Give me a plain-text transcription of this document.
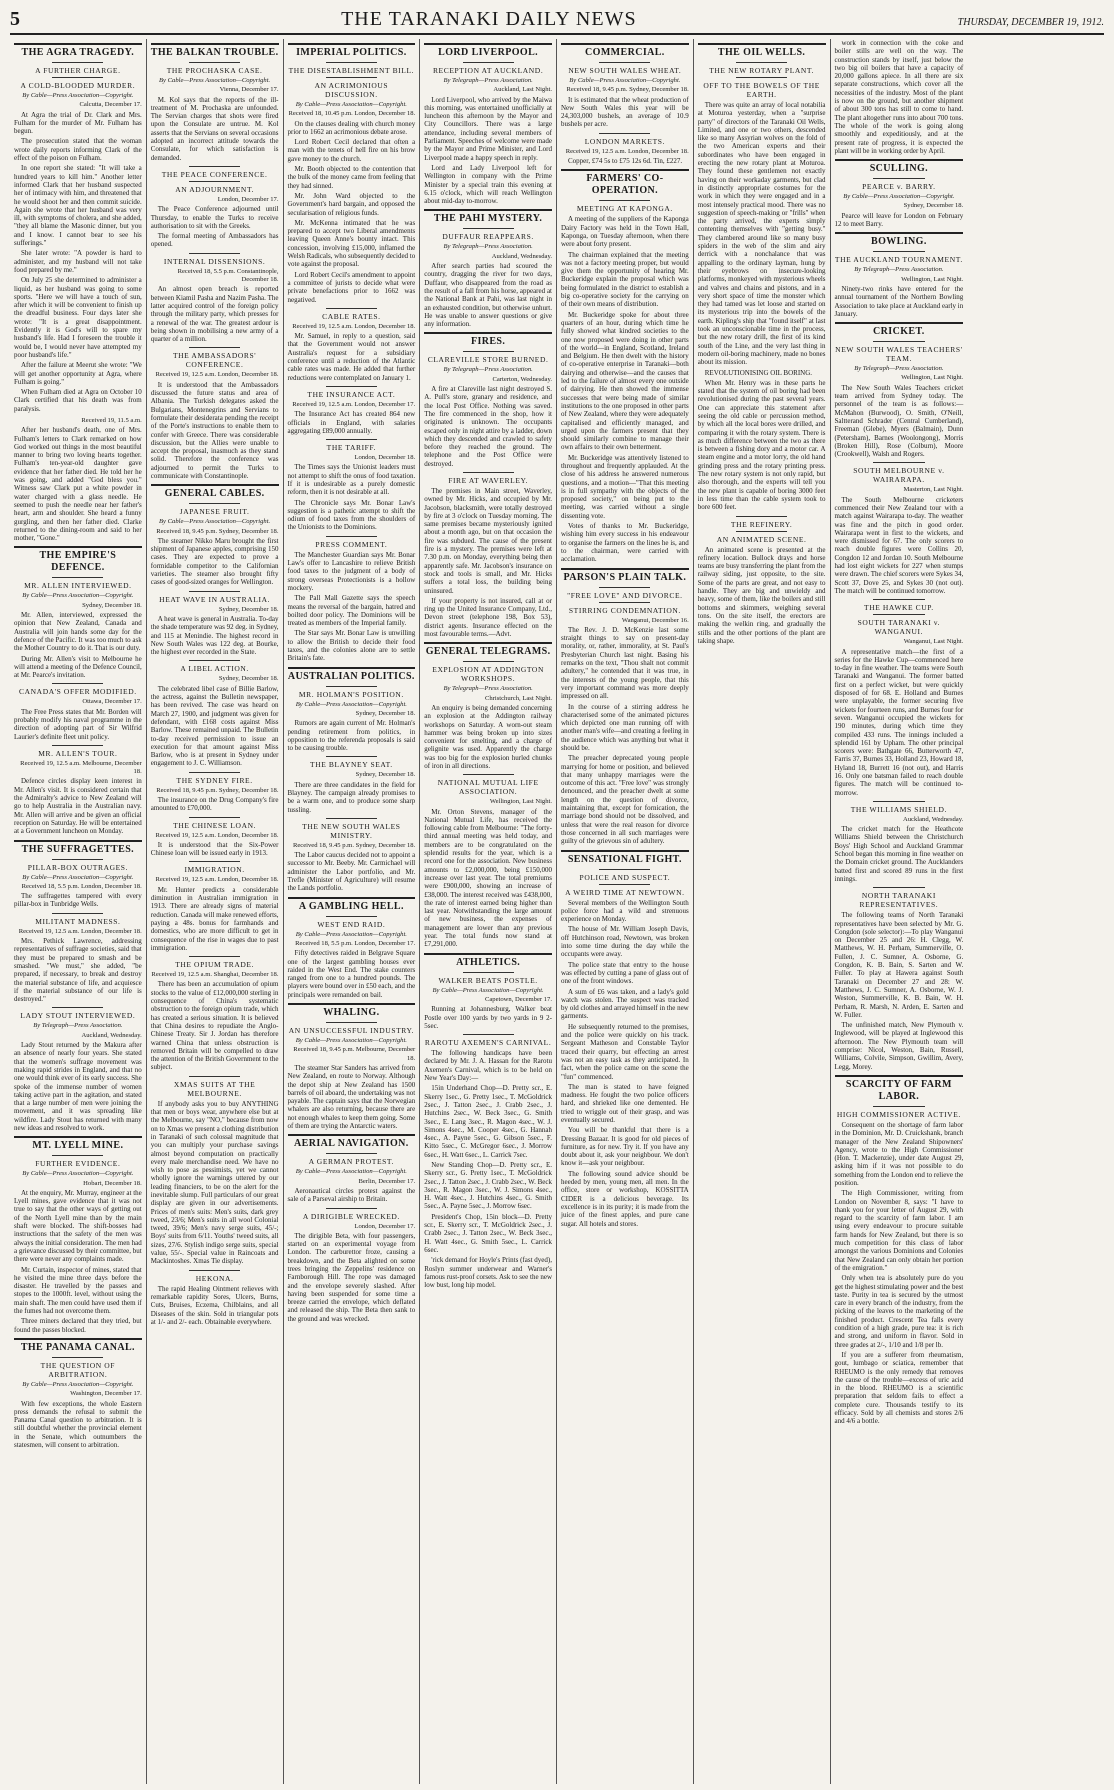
5	THE TARANAKI DAILY NEWS	THURSDAY, DECEMBER 19, 1912.
THE AGRA TRAGEDY.
A FURTHER CHARGE.
A COLD-BLOODED MURDER.
By Cable—Press Association—Copyright.
Calcutta, December 17.

At Agra the trial of Dr. Clark and Mrs. Fulham for the murder of Mr. Fulham has begun.

The prosecution stated that the woman wrote daily reports informing Clark of the effect of the poison on Fulham.

In one report she stated: "It will take a hundred years to kill him." Another letter informed Clark that her husband suspected her of intimacy with him, and threatened that he would shoot her and then commit suicide. Again she wrote that her husband was very ill, with symptoms of cholera, and she added, "they all blame the Masonic dinner, but you and I know. I cannot bear to see his sufferings."

She later wrote: "A powder is hard to administer, and my husband will not take food prepared by me."

On July 25 she determined to administer a liquid, as her husband was going to some sports. "Here we will have a touch of sun, after which it will be convenient to finish up the dreadful business. Four days later she wrote: "It is a great disappointment. Evidently it is God's will to spare my husband's life. Had I foreseen the trouble it would be, I would never have attempted my poor husband's life."

After the failure at Meerut she wrote: "We will get another opportunity at Agra, where Fulham is going."

When Fulham died at Agra on October 10 Clark certified that his death was from paralysis.

Received 19, 11.5 a.m.

After her husband's death, one of Mrs. Fulham's letters to Clark remarked on how God worked out things in the most beautiful manner to bring two loving hearts together. Fulham's ten-year-old daughter gave evidence that her father died. He told her he was going, and added "God bless you." Witness saw Clark put a white powder in water charged with a glass needle. He seemed to push the needle near her father's heart, arm and shoulder. She heard a funny gurgling, and then her father died. Clarke returned to the dining-room and said to her mother, "Gone."

THE EMPIRE'S DEFENCE.
MR. ALLEN INTERVIEWED.
By Cable—Press Association—Copyright.
Sydney, December 18.

Mr. Allen, interviewed, expressed the opinion that New Zealand, Canada and Australia will join hands some day for the defence of the Pacific. It was too much to ask the Mother Country to do it. That is our duty.

During Mr. Allen's visit to Melbourne he will attend a meeting of the Defence Council, at Mr. Pearce's invitation.

CANADA'S OFFER MODIFIED.
Ottawa, December 17.

The Free Press states that Mr. Borden will probably modify his naval programme in the direction of adopting part of Sir Wilfrid Laurier's definite fleet unit policy.

MR. ALLEN'S TOUR.
Received 19, 12.5 a.m. Melbourne, December 18.

Defence circles display keen interest in Mr. Allen's visit. It is considered certain that the Admiralty's advice to New Zealand will go to help Australia in the Australian navy. Mr. Allen will arrive and be given an official reception on Saturday. He will be entertained at a Government luncheon on Monday.

THE SUFFRAGETTES.
PILLAR-BOX OUTRAGES.
By Cable—Press Association—Copyright.
Received 18, 5.5 p.m. London, December 18.

The suffragettes tampered with every pillar-box in Tunbridge Wells.

MILITANT MADNESS.
Received 19, 12.5 a.m. London, December 18.

Mrs. Pethick Lawrence, addressing representatives of suffrage societies, said that they must be prepared to smash and be smashed. "We must," she added, "be prepared, if necessary, to break and destroy the material substance of life, and acquiesce if the material substance of our life is destroyed."

LADY STOUT INTERVIEWED.
By Telegraph—Press Association.
Auckland, Wednesday.

Lady Stout returned by the Makura after an absence of nearly four years. She stated that the women's suffrage movement was making rapid strides in England, and that no one would think ever of its early success. She spoke of the immense number of women taking active part in the agitation, and stated that a large number of men were joining the movement, and it was spreading like wildfire. Lady Stout has returned with many new ideas and resolved to work.

MT. LYELL MINE.
FURTHER EVIDENCE.
By Cable—Press Association—Copyright.
Hobart, December 18.

At the enquiry, Mr. Murray, engineer at the Lyell mines, gave evidence that it was not true to say that the other ways of getting out of the North Lyell mine than by the main shaft were blocked. The shift-bosses had instructions that the safety of the men was always the initial consideration. The men had a grievance discussed by their committee, but there were never any complaints made.

Mr. Curtain, inspector of mines, stated that he visited the mine three days before the disaster. He travelled by the passes and stopes to the 1000ft. level, without using the main shaft. The men could have used them if the fumes had not overcome them.

Three miners declared that they tried, but found the passes blocked.

THE PANAMA CANAL.
THE QUESTION OF ARBITRATION.
By Cable—Press Association—Copyright.
Washington, December 17.

With few exceptions, the whole Eastern press demands the refusal to submit the Panama Canal question to arbitration. It is still doubtful whether the provincial element in the Senate, which outnumbers the statesmen, will consent to arbitration.

THE BALKAN TROUBLE.
THE PROCHASKA CASE.
By Cable—Press Association—Copyright.
Vienna, December 17.

M. Kol says that the reports of the ill-treatment of M. Prochaska are unfounded. The Servian charges that shots were fired upon the Consulate are untrue. M. Kol asserts that the Servians on several occasions adopted an incorrect attitude towards the Consulate, for which satisfaction is demanded.

THE PEACE CONFERENCE.
AN ADJOURNMENT.
London, December 17.

The Peace Conference adjourned until Thursday, to enable the Turks to receive authorisation to sit with the Greeks.

The formal meeting of Ambassadors has opened.

INTERNAL DISSENSIONS.
Received 18, 5.5 p.m. Constantinople, December 18.

An almost open breach is reported between Kiamil Pasha and Nazim Pasha. The latter acquired control of the foreign policy through the military party, which presses for a renewal of the war. The greatest ardour is being shown in mobilising a new army of a quarter of a million.

THE AMBASSADORS' CONFERENCE.
Received 19, 12.5 a.m. London, December 18.

It is understood that the Ambassadors discussed the future status and area of Albania. The Turkish delegates asked the Bulgarians, Montenegrins and Servians to formulate their desiderata pending the receipt of the Porte's instructions to enable them to confer with Greece. There was considerable discussion, but the Allies were unable to accept the proposal, inasmuch as they stand solid. Therefore the conference was adjourned to permit the Turks to communicate with Constantinople.

GENERAL CABLES.
JAPANESE FRUIT.
By Cable—Press Association—Copyright.
Received 18, 9.45 p.m. Sydney, December 18.

The steamer Nikko Maru brought the first shipment of Japanese apples, comprising 150 cases. They are expected to prove a formidable competitor to the Californian varieties. The steamer also brought fifty cases of good-sized oranges for Wellington.

HEAT WAVE IN AUSTRALIA.
Sydney, December 18.

A heat wave is general in Australia. To-day the shade temperature was 92 deg. in Sydney, and 115 at Menindie. The highest record in New South Wales was 122 deg. at Bourke, the highest ever recorded in the State.

A LIBEL ACTION.
Sydney, December 18.

The celebrated libel case of Billie Barlow, the actress, against the Bulletin newspaper, has been revived. The case was heard on March 27, 1900, and judgment was given for defendant, with £168 costs against Miss Barlow. These remained unpaid. The Bulletin to-day received permission to issue an execution for that amount against Miss Barlow, who is at present in Sydney under engagement to J. C. Williamson.

THE SYDNEY FIRE.
Received 18, 9.45 p.m. Sydney, December 18.

The insurance on the Drug Company's fire amounted to £70,000.

THE CHINESE LOAN.
Received 19, 12.5 a.m. London, December 18.

It is understood that the Six-Power Chinese loan will be issued early in 1913.

IMMIGRATION.
Received 19, 12.5 a.m. London, December 18.

Mr. Hunter predicts a considerable diminution in Australian immigration in 1913. There are already signs of material reduction. Canada will make renewed efforts, paying a 48s. bonus for farmhands and domestics, who are more difficult to get in consequence of the rise in wages due to past immigration.

THE OPIUM TRADE.
Received 19, 12.5 a.m. Shanghai, December 18.

There has been an accumulation of opium stocks to the value of £12,000,000 sterling in consequence of China's systematic obstruction to the foreign opium trade, which has created a serious situation. It is believed that China desires to repudiate the Anglo-Chinese Treaty. Sir J. Jordan has therefore warned China that unless obstruction is removed Britain will be compelled to draw the attention of the British Government to the subject.

XMAS SUITS AT THE MELBOURNE.

If anybody asks you to buy ANYTHING that men or boys wear, anywhere else but at the Melbourne, say "NO," because from now on to Xmas we present a clothing distribution in Taranaki of such colossal magnitude that you can multiply your purchase savings almost beyond computation on practically every male merchandise need. We have no wish to pose as pessimists, yet we cannot wholly ignore the warnings uttered by our leading financiers, to be on the alert for the inevitable slump. Full particulars of our great display are given in our advertisements. Prices of men's suits: Men's suits, dark grey tweed, 23/6; Men's suits in all wool Colonial tweed, 39/6; Men's navy serge suits, 45/-; Boys' suits from 6/11. Youths' tweed suits, all sizes, 27/6. Stylish indigo serge suits, special value, 55/-. Special value in Raincoats and Mackintoshes. Xmas Tie display.

HEKONA.

The rapid Healing Ointment relieves with remarkable rapidity Sores, Ulcers, Burns, Cuts, Bruises, Eczema, Chilblains, and all Diseases of the skin. Sold in triangular pots at 1/- and 2/- each. Obtainable everywhere.

IMPERIAL POLITICS.
THE DISESTABLISHMENT BILL.
AN ACRIMONIOUS DISCUSSION.
By Cable—Press Association—Copyright.
Received 18, 10.45 p.m. London, December 18.

On the clauses dealing with church money prior to 1662 an acrimonious debate arose.

Lord Robert Cecil declared that often a man with the tenets of hell fire on his brow gave money to the church.

Mr. Booth objected to the contention that the bulk of the money came from feeling that they had sinned.

Mr. John Ward objected to the Government's hard bargain, and opposed the secularisation of religious funds.

Mr. McKenna intimated that he was prepared to accept two Liberal amendments leaving Queen Anne's bounty intact. This concession, involving £15,000, inflamed the Welsh Radicals, who subsequently decided to vote against the proposal.

Lord Robert Cecil's amendment to appoint a committee of jurists to decide what were private benefactions prior to 1662 was negatived.

CABLE RATES.
Received 19, 12.5 a.m. London, December 18.

Mr. Samuel, in reply to a question, said that the Government would not answer Australia's request for a subsidiary conference until a reduction of the Atlantic cable rates was made. He added that further reductions were contemplated on January 1.

THE INSURANCE ACT.
Received 19, 12.5 a.m. London, December 17.

The Insurance Act has created 864 new officials in England, with salaries aggregating £89,000 annually.

THE TARIFF.
London, December 18.

The Times says the Unionist leaders must not attempt to shift the onus of food taxation. If it is undesirable as a purely domestic reform, then it is not desirable at all.

The Chronicle says Mr. Bonar Law's suggestion is a pathetic attempt to shift the odium of food taxes from the shoulders of the Unionists to the Dominions.

PRESS COMMENT.

The Manchester Guardian says Mr. Bonar Law's offer to Lancashire to relieve British food taxes to the judgment of a body of strong overseas Protectionists is a hollow mockery.

The Pall Mall Gazette says the speech means the reversal of the bargain, hatred and boilted door policy. The Dominions will be treated as members of the Imperial family.

The Star says Mr. Bonar Law is unwilling to allow the British to decide their food taxes, and the colonies alone are to settle Britain's fate.

AUSTRALIAN POLITICS.
MR. HOLMAN'S POSITION.
By Cable—Press Association—Copyright.
Sydney, December 18.

Rumors are again current of Mr. Holman's pending retirement from politics, in opposition to the referenda proposals is said to be causing trouble.

THE BLAYNEY SEAT.
Sydney, December 18.

There are three candidates in the field for Blayney. The campaign already promises to be a warm one, and to produce some sharp tussling.

THE NEW SOUTH WALES MINISTRY.
Received 18, 9.45 p.m. Sydney, December 18.

The Labor caucus decided not to appoint a successor to Mr. Beeby. Mr. Carmichael will administer the Labor portfolio, and Mr. Trefle (Minister of Agriculture) will resume the Lands portfolio.

A GAMBLING HELL.
WEST END RAID.
By Cable—Press Association—Copyright.
Received 18, 5.5 p.m. London, December 17.

Fifty detectives raided in Belgrave Square one of the largest gambling houses ever raided in the West End. The stake counters ranged from one to a hundred pounds. The players were bound over in £50 each, and the principals were remanded on bail.

WHALING.
AN UNSUCCESSFUL INDUSTRY.
By Cable—Press Association—Copyright.
Received 18, 9.45 p.m. Melbourne, December 18.

The steamer Star Sanders has arrived from New Zealand, en route to Norway. Although the depot ship at New Zealand has 1500 barrels of oil aboard, the undertaking was not payable. The captain says that the Norwegian whalers are also returning, because there are not enough whales to keep them going. Some of them are trying the Antarctic waters.

AERIAL NAVIGATION.
A GERMAN PROTEST.
By Cable—Press Association—Copyright.
Berlin, December 17.

Aeronautical circles protest against the sale of a Parseval airship to Britain.

A DIRIGIBLE WRECKED.
London, December 17.

The dirigible Beta, with four passengers, started on an experimental voyage from London. The carburettor froze, causing a breakdown, and the Beta alighted on some trees bringing the Zeppelins' residence on Farnborough Hill. The rope was damaged and the envelope severely slashed. After having been suspended for some time a breeze carried the envelope, which deflated and released the ship. The Beta then sank to the ground and was wrecked.

LORD LIVERPOOL.
RECEPTION AT AUCKLAND.
By Telegraph—Press Association.
Auckland, Last Night.

Lord Liverpool, who arrived by the Maiwa this morning, was entertained unofficially at luncheon this afternoon by the Mayor and City Councillors. There was a large attendance, including several members of Parliament. Speeches of welcome were made by the Mayor and Prime Minister, and Lord Liverpool made a happy speech in reply.

Lord and Lady Liverpool left for Wellington in company with the Prime Minister by a special train this evening at 6.15 o'clock, which will reach Wellington about mid-day to-morrow.

THE PAHI MYSTERY.
DUFFAUR REAPPEARS.
By Telegraph—Press Association.
Auckland, Wednesday.

After search parties had scoured the country, dragging the river for two days, Duffaur, who disappeared from the road as the result of a fall from his horse, appeared at the National Bank at Pahi, was last night in an exhausted condition, but otherwise unhurt. He was unable to answer questions or give any information.

FIRES.
CLAREVILLE STORE BURNED.
By Telegraph—Press Association.
Carterton, Wednesday.

A fire at Clareville last night destroyed S. A. Pull's store, granary and residence, and the local Post Office. Nothing was saved. The fire commenced in the shop, how it originated is unknown. The occupants escaped only in night attire by a ladder, down which they descended and crawled to safety before they reached the ground. The telephone and the Post Office were destroyed.

FIRE AT WAVERLEY.

The premises in Main street, Waverley, owned by Mr. Hicks, and occupied by Mr. Jacobson, blacksmith, were totally destroyed by fire at 3 o'clock on Tuesday morning. The same premises became mysteriously ignited about a month ago, but on that occasion the fire was subdued. The cause of the present fire is a mystery. The premises were left at 7.30 p.m. on Monday, everything being then apparently safe. Mr. Jacobson's insurance on stock and tools is small, and Mr. Hicks suffers a total loss, the building being uninsured.

If your property is not insured, call at or ring up the United Insurance Company, Ltd., Devon street (telephone 198, Box 53), district agents. Insurance effected on the most favourable terms.—Advt.

GENERAL TELEGRAMS.
EXPLOSION AT ADDINGTON WORKSHOPS.
By Telegraph—Press Association.
Christchurch, Last Night.

An enquiry is being demanded concerning an explosion at the Addington railway workshops on Saturday. A worn-out steam hammer was being broken up into sizes convenient for smelting, and a charge of gelignite was used. Apparently the charge was too big for the explosion hurled chunks of iron in all directions.

NATIONAL MUTUAL LIFE ASSOCIATION.
Wellington, Last Night.

Mr. Orton Stevens, manager of the National Mutual Life, has received the following cable from Melbourne: "The forty-third annual meeting was held today, and members are to be congratulated on the splendid results for the year, which is a record one for the association. New business amounts to £2,000,000, being £150,000 increase over last year. The total premiums were £900,000, showing an increase of £38,000. The interest received was £438,000, the rate of interest earned being higher than last year. Notwithstanding the large amount of new business, the expenses of management are lower than any previous year. The total funds now stand at £7,291,000.

ATHLETICS.
WALKER BEATS POSTLE.
By Cable—Press Association—Copyright.
Capetown, December 17.

Running at Johannesburg, Walker beat Postle over 100 yards by two yards in 9 2-5sec.

RAROTU AXEMEN'S CARNIVAL.

The following handicaps have been declared by Mr. J. A. Hassan for the Rarotu Axemen's Carnival, which is to be held on New Year's Day:—

15in Underhand Chop—D. Pretty scr., E. Skerry 1sec., G. Pretty 1sec., T. McGoldrick 2sec., J. Tatton 2sec., J. Crabb 2sec., J. Hutchins 2sec., W. Beck 3sec., G. Smith 3sec., E. Lang 3sec., R. Magon 4sec., W. J. Simons 4sec., M. Cooper 4sec., G. Hannah 4sec., A. Payne 5sec., G. Gibson 5sec., F. Kitto 5sec., C. McGregor 6sec., J. Morrow 6sec., H. Watt 6sec., L. Carrick 7sec.

New Standing Chop—D. Pretty scr., E. Skerry scr., G. Pretty 1sec., T. McGoldrick 2sec., J. Tatton 2sec., J. Crabb 2sec., W. Beck 3sec., R. Magon 3sec., W. J. Simons 4sec., H. Watt 4sec., J. Hutchins 4sec., G. Smith 5sec., A. Payne 5sec., J. Morrow 6sec.

President's Chop, 15in block—D. Pretty scr., E. Skerry scr., T. McGoldrick 2sec., J. Crabb 2sec., J. Tatton 2sec., W. Beck 3sec., H. Watt 4sec., G. Smith 5sec., L. Carrick 6sec.

'rick demand for Hoyle's Prints (fast dyed), Roslyn summer underwear and Warner's famous rust-proof corsets. Ask to see the new low bust, long hip model.

COMMERCIAL.
NEW SOUTH WALES WHEAT.
By Cable—Press Association—Copyright.
Received 18, 9.45 p.m. Sydney, December 18.

It is estimated that the wheat production of New South Wales this year will be 24,303,000 bushels, an average of 10.9 bushels per acre.

LONDON MARKETS.
Received 19, 12.5 a.m. London, December 18.

Copper, £74 5s to £75 12s 6d. Tin, £227.

FARMERS' CO-OPERATION.
MEETING AT KAPONGA.

A meeting of the suppliers of the Kaponga Dairy Factory was held in the Town Hall, Kaponga, on Tuesday afternoon, when there were about forty present.

The chairman explained that the meeting was not a factory meeting proper, but would give them the opportunity of hearing Mr. Buckeridge explain the proposal which was being formulated in the district to establish a big co-operative society for the carrying on of their own means of distribution.

Mr. Buckeridge spoke for about three quarters of an hour, during which time he fully showed what kindred societies to the one now proposed were doing in other parts of the world—in England, Scotland, Ireland and Belgium. He then dwelt with the history of co-operative enterprise in Taranaki—both dairying and otherwise—and the causes that led to the failure of almost every one outside of dairying. He then showed the immense successes that were being made of similar institutions to the one proposed in other parts of New Zealand, where they were adequately capitalised and efficiently managed, and urged upon the farmers present that they should similarly combine to manage their own affairs to their own betterment.

Mr. Buckeridge was attentively listened to throughout and frequently applauded. At the close of his address he answered numerous questions, and a motion—"That this meeting is in full sympathy with the objects of the proposed society," on being put to the meeting, was carried without a single dissenting vote.

Votes of thanks to Mr. Buckeridge, wishing him every success in his endeavour to organise the farmers on the lines he is, and to the chairman, were carried with acclamation.

PARSON'S PLAIN TALK.
"FREE LOVE" AND DIVORCE.
STIRRING CONDEMNATION.
Wanganui, December 16.

The Rev. J. D. McKenzie last some straight things to say on present-day morality, or, rather, immorality, at St. Paul's Presbyterian Church last night. Basing his remarks on the text, "Thou shalt not commit adultery," he contended that it was true, in the interests of the young people, that this very important command was more deeply impressed on all.

In the course of a stirring address he characterised some of the animated pictures which depicted one man running off with another man's wife—and creating a feeling in the audience which was anything but what it should be.

The preacher deprecated young people marrying for home or position, and believed that many unhappy marriages were the outcome of this act. "Free love" was strongly denounced, and the preacher dwelt at some length on the question of divorce, maintaining that, except for fornication, the marriage bond should not be dissolved, and unless that were the real reason for divorce those concerned in all such marriages were guilty of the grievous sin of adultery.

SENSATIONAL FIGHT.
POLICE AND SUSPECT.
A WEIRD TIME AT NEWTOWN.

Several members of the Wellington South police force had a wild and strenuous experience on Monday.

The house of Mr. William Joseph Davis, off Hutchinson road, Newtown, was broken into some time during the day while the occupants were away.

The police state that entry to the house was effected by cutting a pane of glass out of one of the front windows.

A sum of £6 was taken, and a lady's gold watch was stolen. The suspect was tracked by old clothes and arrayed himself in the new garments.

He subsequently returned to the premises, and the police were quickly on his track. Sergeant Matheson and Constable Taylor traced their quarry, but effecting an arrest was not an easy task as they anticipated. In fact, when the police came on the scene the "fun" commenced.

The man is stated to have feigned madness. He fought the two police officers hard, and shrieked like one demented. He tried to wriggle out of their grasp, and was eventually secured.

You will be thankful that there is a Dressing Bazaar. It is good for old pieces of furniture, as for new. Try it. If you have any doubt about it, ask your neighbour. We don't know it—ask your neighbour.

The following sound advice should be heeded by men, young men, all men. In the office, store or workshop, KOSSITTA CIDER is a delicious beverage. Its excellence is in its purity; it is made from the juice of the finest apples, and pure cane sugar. All hotels and stores.

THE OIL WELLS.
THE NEW ROTARY PLANT.
OFF TO THE BOWELS OF THE EARTH.

There was quite an array of local notabilia at Moturoa yesterday, when a "surprise party" of directors of the Taranaki Oil Wells, Limited, and one or two others, descended like so many Assyrian wolves on the fold of the two American experts and their subordinates who have been engaged in erecting the new rotary plant at Moturoa. They found these gentlemen not exactly having on their workaday garments, but clad in distinctly appropriate costumes for the work in which they were engaged and in a most intensely practical mood. There was no suggestion of speech-making or "frills" when the party arrived, the experts simply contenting themselves with "getting busy." They clambered around like so many busy spiders in the web of the slim and airy derrick with a nonchalance that was appalling to the ordinary layman, hung by their eyebrows on insecure-looking platforms, monkeyed with mysterious wheels and valves and chains and pistons, and in a very short space of time the monster which they had tamed was let loose and started on its mysterious trip into the bowels of the earth. Kipling's ship that "found itself" at last took an unconscionable time in the process, but the new rotary drill, the first of its kind south of the Line, and the very last thing in modern oil-boring machinery, made no bones about its mission.

REVOLUTIONISING OIL BORING.

When Mr. Henry was in these parts he stated that the system of oil boring had been revolutionised during the past several years. One can appreciate this statement after seeing the old cable or percussion method, by which all the local bores were drilled, and comparing it with the rotary system. There is as much difference between the two as there is between a fishing dory and a motor car. A steam engine and a motor lorry, the old hand grinding press and the rotary printing press. The new rotary system is not only rapid, but also thorough, and the experts will tell you the new plant is capable of boring 3000 feet in less time than the cable system took to bore 600 feet.

THE REFINERY.
AN ANIMATED SCENE.

An animated scene is presented at the refinery location. Bullock drays and horse teams are busy transferring the plant from the railway siding, just opposite, to the site. Some of the parts are great, and not easy to handle. They are big and unwieldy and heavy, some of them, like the boilers and still bottoms and skimmers, weighing several tons. On the site itself, the erectors are making the welkin ring, and gradually the stills and the other portions of the plant are taking shape.

work in connection with the coke and boiler stills are well on the way. The construction stands by itself, just below the two big oil boilers that have a capacity of 20,000 gallons apiece. In all there are six separate constructions, which cover all the necessities of the industry. Most of the plant is now on the ground, but another shipment of about 300 tons has still to come to hand. The plant altogether runs into about 700 tons. The whole of the work is going along smoothly and expeditiously, and at the present rate of progress, it is expected the plant will be in working order by April.

SCULLING.
PEARCE v. BARRY.
By Cable—Press Association—Copyright.
Sydney, December 18.

Pearce will leave for London on February 12 to meet Barry.

BOWLING.
THE AUCKLAND TOURNAMENT.
By Telegraph—Press Association.
Wellington, Last Night.

Ninety-two rinks have entered for the annual tournament of the Northern Bowling Association to take place at Auckland early in January.

CRICKET.
NEW SOUTH WALES TEACHERS' TEAM.
By Telegraph—Press Association.
Wellington, Last Night.

The New South Wales Teachers cricket team arrived from Sydney today. The personnel of the team is as follows:—McMahon (Burwood), O. Smith, O'Neill, Saltterand Schrader (Central Cumberland), Freeman (Glebe), Myers (Balmain), Dunn (Petersham), Barnes (Woolongong), Morris (Broken Hill), Rose (Colburn), Moore (Crookwell), Walsh and Rogers.

SOUTH MELBOURNE v. WAIRARAPA.
Masterton, Last Night.

The South Melbourne cricketers commenced their New Zealand tour with a match against Wairarapa to-day. The weather was fine and the pitch in good order. Wairarapa went in first to the wickets, and were dismissed for 67. The only scorers to reach double figures were Collins 20, Congdon 12 and Jordan 10. South Melbourne had lost eight wickets for 227 when stumps were drawn. The chief scorers were Sykes 34, Scott 37, Dove 25, and Sykes 30 (not out). The match will be continued tomorrow.

THE HAWKE CUP.
SOUTH TARANAKI v. WANGANUI.
Wanganui, Last Night.

A representative match—the first of a series for the Hawke Cup—commenced here to-day in fine weather. The teams were South Taranaki and Wanganui. The former batted first on a perfect wicket, but were quickly disposed of for 68. E. Holland and Burnes were unplayable, the former securing five wickets for fourteen runs, and Burnes four for seven. Wanganui occupied the wickets for 190 minutes, during which time they compiled 433 runs. The innings included a splendid 161 by Upham. The other principal scorers were: Bathgate 66, Butterworth 47, Farris 37, Burnes 33, Holland 23, Howard 18, Hyland 18, Burrett 16 (not out), and Harris 16. Only one batsman failed to reach double figures. The match will be continued to-morrow.

THE WILLIAMS SHIELD.
Auckland, Wednesday.

The cricket match for the Heathcote Williams Shield between the Christchurch Boys' High School and Auckland Grammar School began this morning in fine weather on the Domain cricket ground. The Aucklanders batted first and scored 89 runs in the first innings.

NORTH TARANAKI REPRESENTATIVES.

The following teams of North Taranaki representatives have been selected by Mr. G. Congdon (sole selector):—To play Wanganui on December 25 and 26: H. Clegg, W. Matthews, W. H. Perham, Summerville, O. Fullen, J. C. Sumner, A. Osborne, G. Congdon, K. B. Bain, S. Sarten and W. Fuller. To play at Hawera against South Taranaki on December 27 and 28: W. Matthews, J. C. Sumner, A. Osborne, W. J. Weston, Summerville, K. B. Bain, W. H. Perham, R. Marsh, N. Arden, E. Sarten and W. Fuller.

The unfinished match, New Plymouth v. Inglewood, will be played at Inglewood this afternoon. The New Plymouth team will comprise: Nicol, Weston, Bain, Russell, Williams, Colvile, Simpson, Gwillim, Avery, Legg, Morey.

SCARCITY OF FARM LABOR.
HIGH COMMISSIONER ACTIVE.

Consequent on the shortage of farm labor in the Dominion, Mr. D. Cruickshank, branch manager of the New Zealand Shipowners' Agency, wrote to the High Commissioner (Hon. T. Mackenzie), under date August 29, asking him if it was not possible to do something from the London end to relieve the position.

The High Commissioner, writing from London on November 8, says: "I have to thank you for your letter of August 29, with regard to the scarcity of farm labor. I am using every endeavour to procure suitable farm hands for New Zealand, but there is so much competition for this class of labor amongst the various Dominions and Colonies that New Zealand can only obtain her portion of the emigration."

Only when tea is absolutely pure do you get the highest stimulating power and the best taste. Purity in tea is secured by the utmost care in every branch of the industry, from the picking of the leaves to the marketing of the finished product. Crescent Tea falls every condition of a high grade, pure tea: it is rich and strong, and uniform in flavor. Sold in three grades at 2/-, 1/10 and 1/8 per lb.

If you are a sufferer from rheumatism, gout, lumbago or sciatica, remember that RHEUMO is the only remedy that removes the cause of the trouble—excess of uric acid in the blood. RHEUMO is a scientific preparation that seldom fails to effect a complete cure. Thousands testify to its efficacy. Sold by all chemists and stores 2/6 and 4/6 a bottle.
